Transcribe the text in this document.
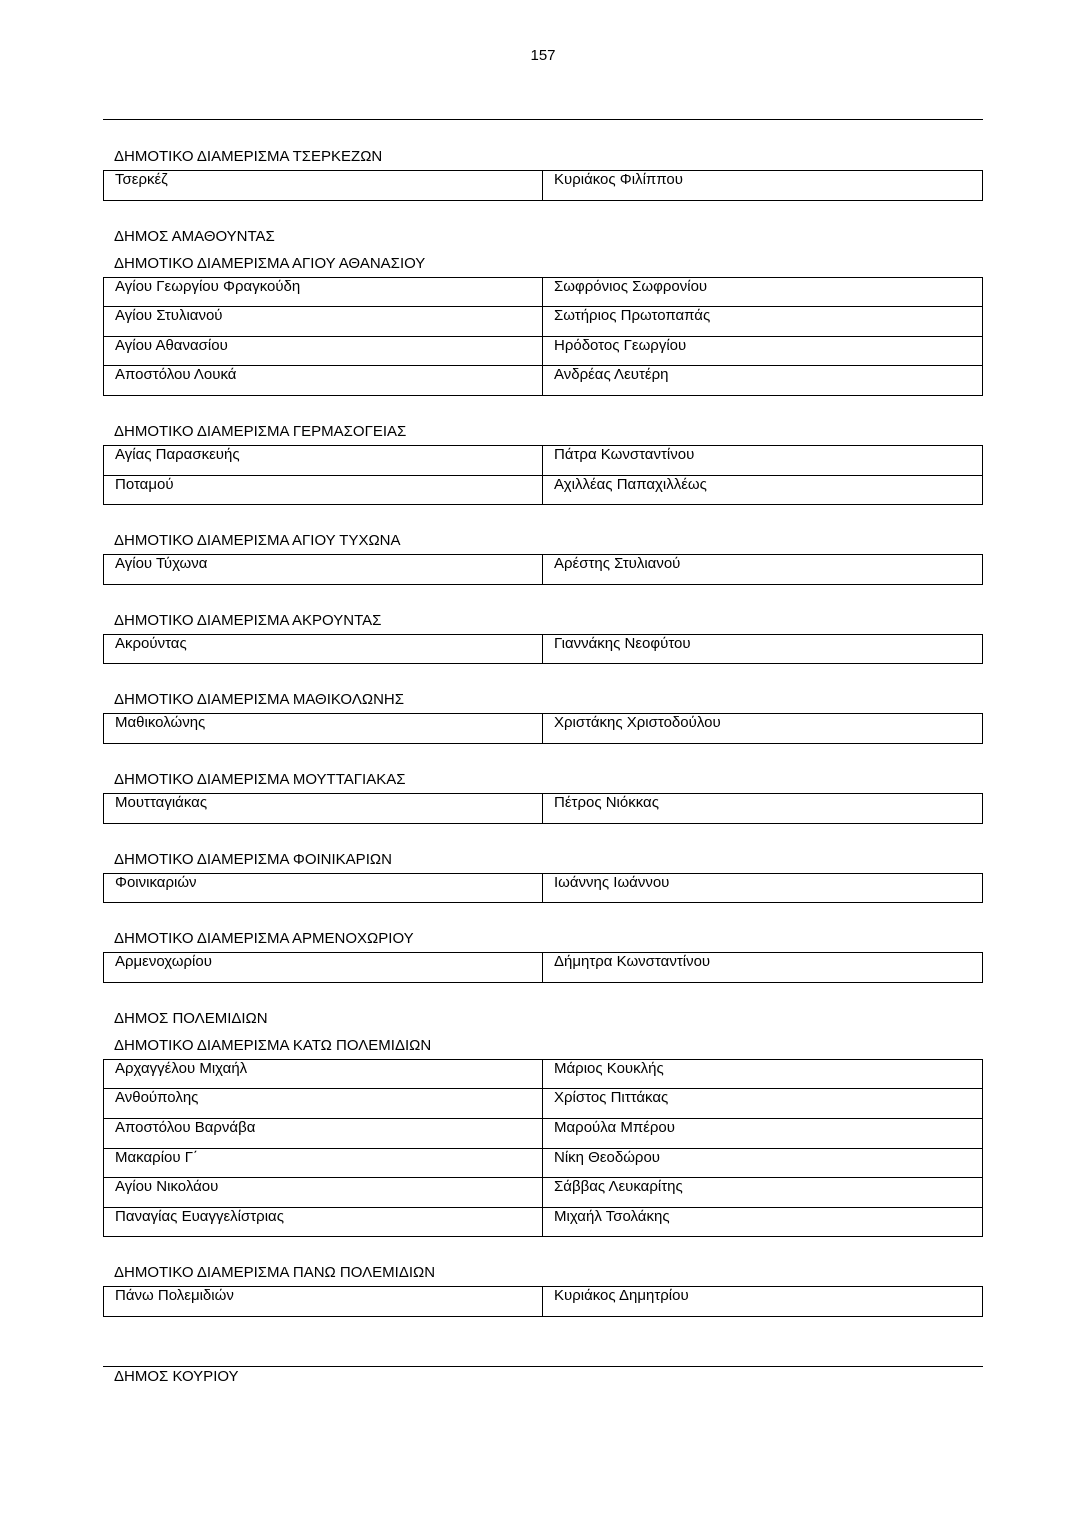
157
ΔΗΜΟΤΙΚΟ ΔΙΑΜΕΡΙΣΜΑ ΤΣΕΡΚΕΖΩΝ
Τσερκέζ	Κυριάκος Φιλίππου
ΔΗΜΟΣ ΑΜΑΘΟΥΝΤΑΣ
ΔΗΜΟΤΙΚΟ ΔΙΑΜΕΡΙΣΜΑ ΑΓΙΟΥ ΑΘΑΝΑΣΙΟΥ
Αγίου Γεωργίου Φραγκούδη	Σωφρόνιος Σωφρονίου
Αγίου Στυλιανού	Σωτήριος Πρωτοπαπάς
Αγίου Αθανασίου	Ηρόδοτος Γεωργίου
Αποστόλου Λουκά	Ανδρέας Λευτέρη
ΔΗΜΟΤΙΚΟ ΔΙΑΜΕΡΙΣΜΑ ΓΕΡΜΑΣΟΓΕΙΑΣ
Αγίας Παρασκευής	Πάτρα Κωνσταντίνου
Ποταμού	Αχιλλέας Παπαχιλλέως
ΔΗΜΟΤΙΚΟ ΔΙΑΜΕΡΙΣΜΑ ΑΓΙΟΥ ΤΥΧΩΝΑ
Αγίου Τύχωνα	Αρέστης Στυλιανού
ΔΗΜΟΤΙΚΟ ΔΙΑΜΕΡΙΣΜΑ ΑΚΡΟΥΝΤΑΣ
Ακρούντας	Γιαννάκης Νεοφύτου
ΔΗΜΟΤΙΚΟ ΔΙΑΜΕΡΙΣΜΑ ΜΑΘΙΚΟΛΩΝΗΣ
Μαθικολώνης	Χριστάκης Χριστοδούλου
ΔΗΜΟΤΙΚΟ ΔΙΑΜΕΡΙΣΜΑ ΜΟΥΤΤΑΓΙΑΚΑΣ
Μουτταγιάκας	Πέτρος Νιόκκας
ΔΗΜΟΤΙΚΟ ΔΙΑΜΕΡΙΣΜΑ ΦΟΙΝΙΚΑΡΙΩΝ
Φοινικαριών	Ιωάννης Ιωάννου
ΔΗΜΟΤΙΚΟ ΔΙΑΜΕΡΙΣΜΑ ΑΡΜΕΝΟΧΩΡΙΟΥ
Αρμενοχωρίου	Δήμητρα Κωνσταντίνου
ΔΗΜΟΣ ΠΟΛΕΜΙΔΙΩΝ
ΔΗΜΟΤΙΚΟ ΔΙΑΜΕΡΙΣΜΑ ΚΑΤΩ ΠΟΛΕΜΙΔΙΩΝ
Αρχαγγέλου Μιχαήλ	Μάριος Κουκλής
Ανθούπολης	Χρίστος Πιττάκας
Αποστόλου Βαρνάβα	Μαρούλα Μπέρου
Μακαρίου Γ΄	Νίκη Θεοδώρου
Αγίου Νικολάου	Σάββας Λευκαρίτης
Παναγίας Ευαγγελίστριας	Μιχαήλ Τσολάκης
ΔΗΜΟΤΙΚΟ ΔΙΑΜΕΡΙΣΜΑ ΠΑΝΩ ΠΟΛΕΜΙΔΙΩΝ
Πάνω Πολεμιδιών	Κυριάκος Δημητρίου
ΔΗΜΟΣ ΚΟΥΡΙΟΥ
